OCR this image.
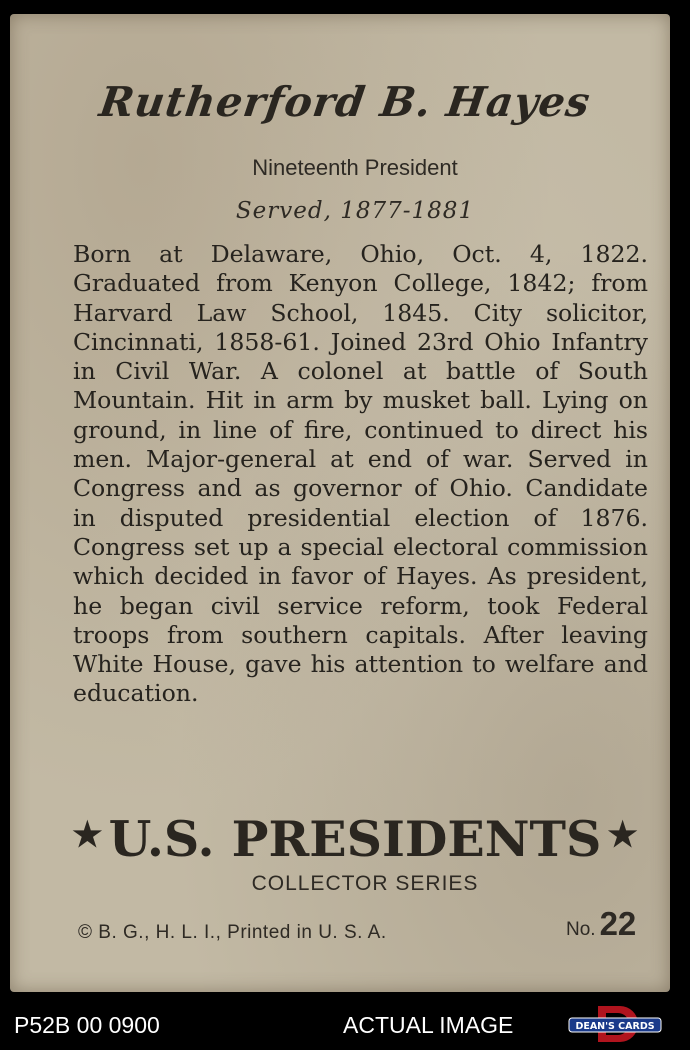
Rutherford B. Hayes
Nineteenth President
Served, 1877-1881

Born at Delaware, Ohio, Oct. 4, 1822. Graduated from Kenyon College, 1842; from Harvard Law School, 1845. City solicitor, Cincinnati, 1858-61. Joined 23rd Ohio Infantry in Civil War. A colonel at battle of South Mountain. Hit in arm by musket ball. Lying on ground, in line of fire, continued to direct his men. Major-general at end of war. Served in Congress and as governor of Ohio. Candidate in disputed presidential election of 1876. Congress set up a special electoral commission which decided in favor of Hayes. As president, he began civil service reform, took Federal troops from southern capitals. After leaving White House, gave his attention to welfare and education.

★ U.S. PRESIDENTS ★
COLLECTOR SERIES
© B. G., H. L. I., Printed in U. S. A.	No. 22
P52B 00 0900	ACTUAL IMAGE	DEAN'S CARDS
